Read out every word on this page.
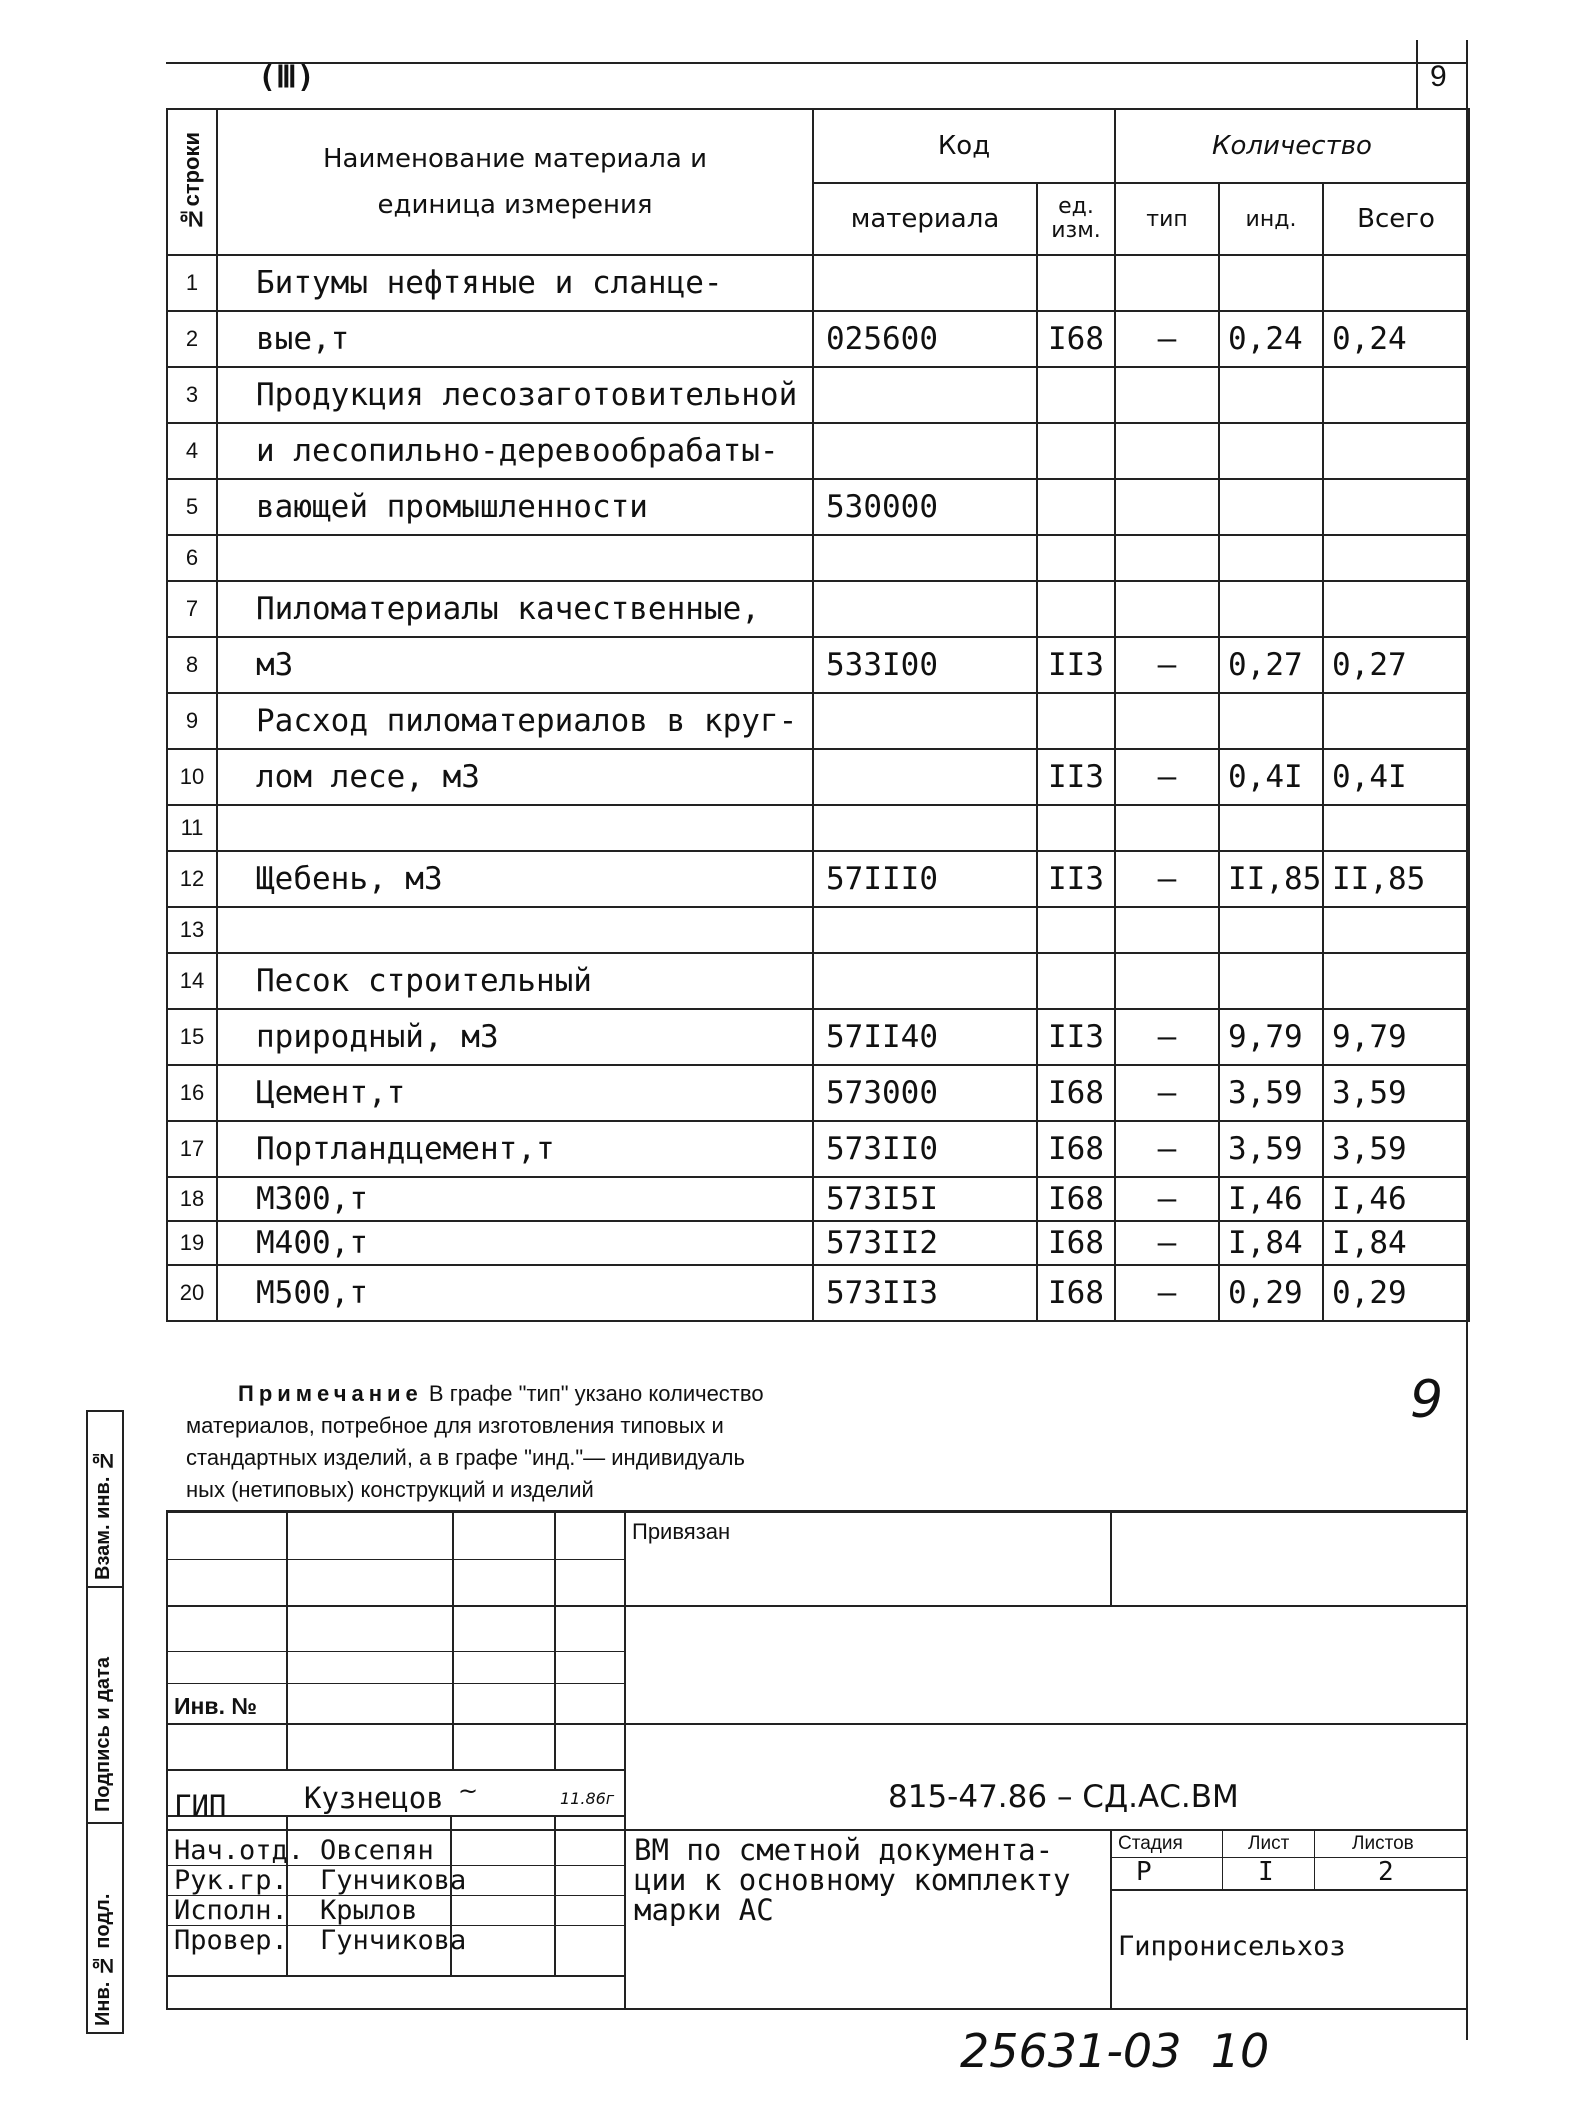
9
(Ⅲ)
№строки	Наименование материала и единица измерения	Код		Количество		
		материала	ед. изм.	тип	инд.	Всего
1	Битумы нефтяные и сланце-					
2	вые,т	025600	I68	–	0,24	0,24
3	Продукция лесозаготовительной					
4	и лесопильно-деревообрабаты-					
5	вающей промышленности	530000				
6						
7	Пиломатериалы качественные,					
8	м3	533I00	II3	–	0,27	0,27
9	Расход пиломатериалов в круг-					
10	лом лесе, м3		II3	–	0,4I	0,4I
11						
12	Щебень, м3	57III0	II3	–	II,85	II,85
13						
14	Песок строительный					
15	природный, м3	57II40	II3	–	9,79	9,79
16	Цемент,т	573000	I68	–	3,59	3,59
17	Портландцемент,т	573II0	I68	–	3,59	3,59
18	М300,т	573I5I	I68	–	I,46	I,46
19	М400,т	573II2	I68	–	I,84	I,84
20	М500,т	573II3	I68	–	0,29	0,29
Примечание В графе "тип" укзано количество
материалов, потребное для изготовления типовых и
стандартных изделий, а в графе "инд."— индивидуаль
ных (нетиповых) конструкций и изделий
9
Взам. инв. №
Подпись и дата
Инв. № подл.
Привязан
Инв. №
815-47.86 – СД.АС.ВМ
ГИП	Кузнецов ~	11.86г
Нач.отд. Овсепян
Рук.гр. Гунчикова
Исполн. Крылов
Провер. Гунчикова
ВМ по сметной документа-
ции к основному комплекту
марки АС
Стадия	Лист	Листов
Р	I	2
Гипронисельхоз
25631-03  10
